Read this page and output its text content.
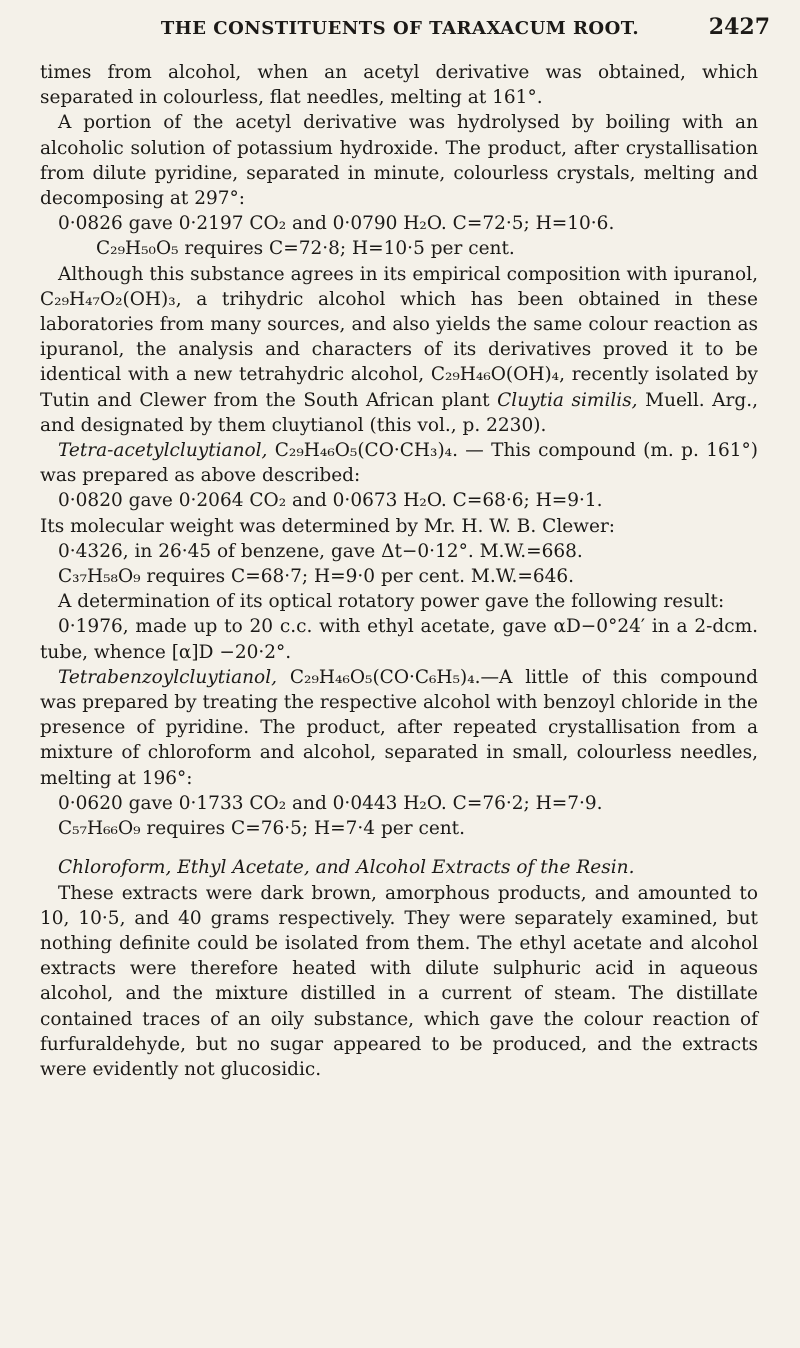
THE CONSTITUENTS OF TARAXACUM ROOT.	2427

times from alcohol, when an acetyl derivative was obtained, which separated in colourless, flat needles, melting at 161°.

A portion of the acetyl derivative was hydrolysed by boiling with an alcoholic solution of potassium hydroxide. The product, after crystallisation from dilute pyridine, separated in minute, colourless crystals, melting and decomposing at 297°:

0·0826 gave 0·2197 CO₂ and 0·0790 H₂O. C=72·5; H=10·6.

C₂₉H₅₀O₅ requires C=72·8; H=10·5 per cent.

Although this substance agrees in its empirical composition with ipuranol, C₂₉H₄₇O₂(OH)₃, a trihydric alcohol which has been obtained in these laboratories from many sources, and also yields the same colour reaction as ipuranol, the analysis and characters of its derivatives proved it to be identical with a new tetrahydric alcohol, C₂₉H₄₆O(OH)₄, recently isolated by Tutin and Clewer from the South African plant Cluytia similis, Muell. Arg., and designated by them cluytianol (this vol., p. 2230).

Tetra-acetylcluytianol, C₂₉H₄₆O₅(CO·CH₃)₄. — This compound (m. p. 161°) was prepared as above described:

0·0820 gave 0·2064 CO₂ and 0·0673 H₂O. C=68·6; H=9·1.

Its molecular weight was determined by Mr. H. W. B. Clewer:

0·4326, in 26·45 of benzene, gave Δt−0·12°. M.W.=668.

C₃₇H₅₈O₉ requires C=68·7; H=9·0 per cent. M.W.=646.

A determination of its optical rotatory power gave the following result:

0·1976, made up to 20 c.c. with ethyl acetate, gave αD−0°24′ in a 2-dcm. tube, whence [α]D −20·2°.

Tetrabenzoylcluytianol, C₂₉H₄₆O₅(CO·C₆H₅)₄.—A little of this compound was prepared by treating the respective alcohol with benzoyl chloride in the presence of pyridine. The product, after repeated crystallisation from a mixture of chloroform and alcohol, separated in small, colourless needles, melting at 196°:

0·0620 gave 0·1733 CO₂ and 0·0443 H₂O. C=76·2; H=7·9.

C₅₇H₆₆O₉ requires C=76·5; H=7·4 per cent.

Chloroform, Ethyl Acetate, and Alcohol Extracts of the Resin.

These extracts were dark brown, amorphous products, and amounted to 10, 10·5, and 40 grams respectively. They were separately examined, but nothing definite could be isolated from them. The ethyl acetate and alcohol extracts were therefore heated with dilute sulphuric acid in aqueous alcohol, and the mixture distilled in a current of steam. The distillate contained traces of an oily substance, which gave the colour reaction of furfuraldehyde, but no sugar appeared to be produced, and the extracts were evidently not glucosidic.
